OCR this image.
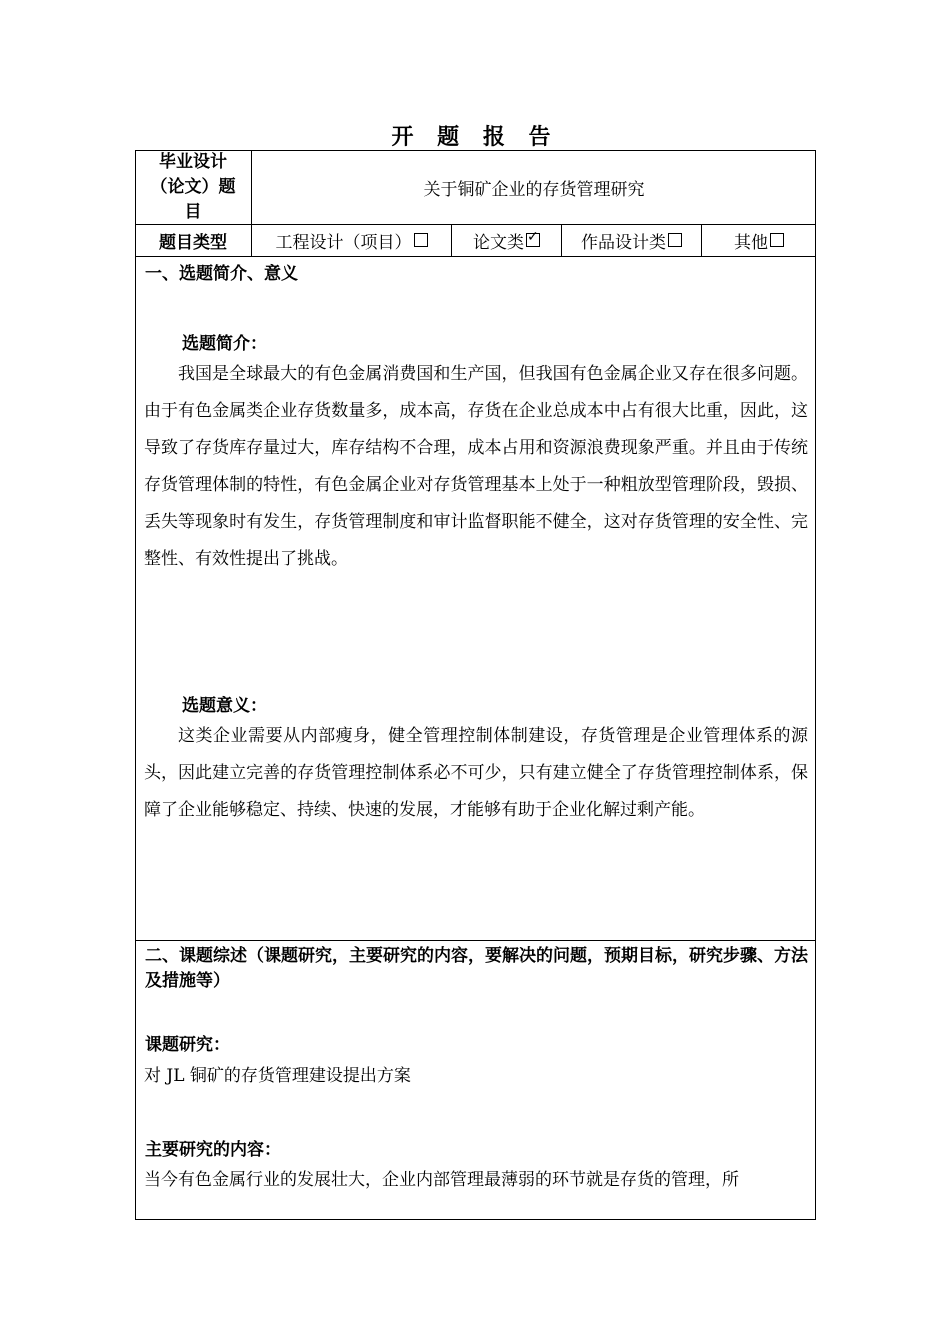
开 题 报 告
毕业设计（论文）题目
关于铜矿企业的存货管理研究
题目类型	工程设计（项目）	论文类
✓	作品设计类	其他
一、选题简介、意义
选题简介：
我国是全球最大的有色金属消费国和生产国，但我国有色金属企业又存在很多问题。由于有色金属类企业存货数量多，成本高，存货在企业总成本中占有很大比重，因此，这导致了存货库存量过大，库存结构不合理，成本占用和资源浪费现象严重。并且由于传统存货管理体制的特性，有色金属企业对存货管理基本上处于一种粗放型管理阶段，毁损、丢失等现象时有发生，存货管理制度和审计监督职能不健全，这对存货管理的安全性、完整性、有效性提出了挑战。
选题意义：
这类企业需要从内部瘦身，健全管理控制体制建设，存货管理是企业管理体系的源头，因此建立完善的存货管理控制体系必不可少，只有建立健全了存货管理控制体系，保障了企业能够稳定、持续、快速的发展，才能够有助于企业化解过剩产能。
二、课题综述（课题研究，主要研究的内容，要解决的问题，预期目标，研究步骤、方法及措施等）
课题研究：
对 JL 铜矿的存货管理建设提出方案
主要研究的内容：
当今有色金属行业的发展壮大，企业内部管理最薄弱的环节就是存货的管理，所
